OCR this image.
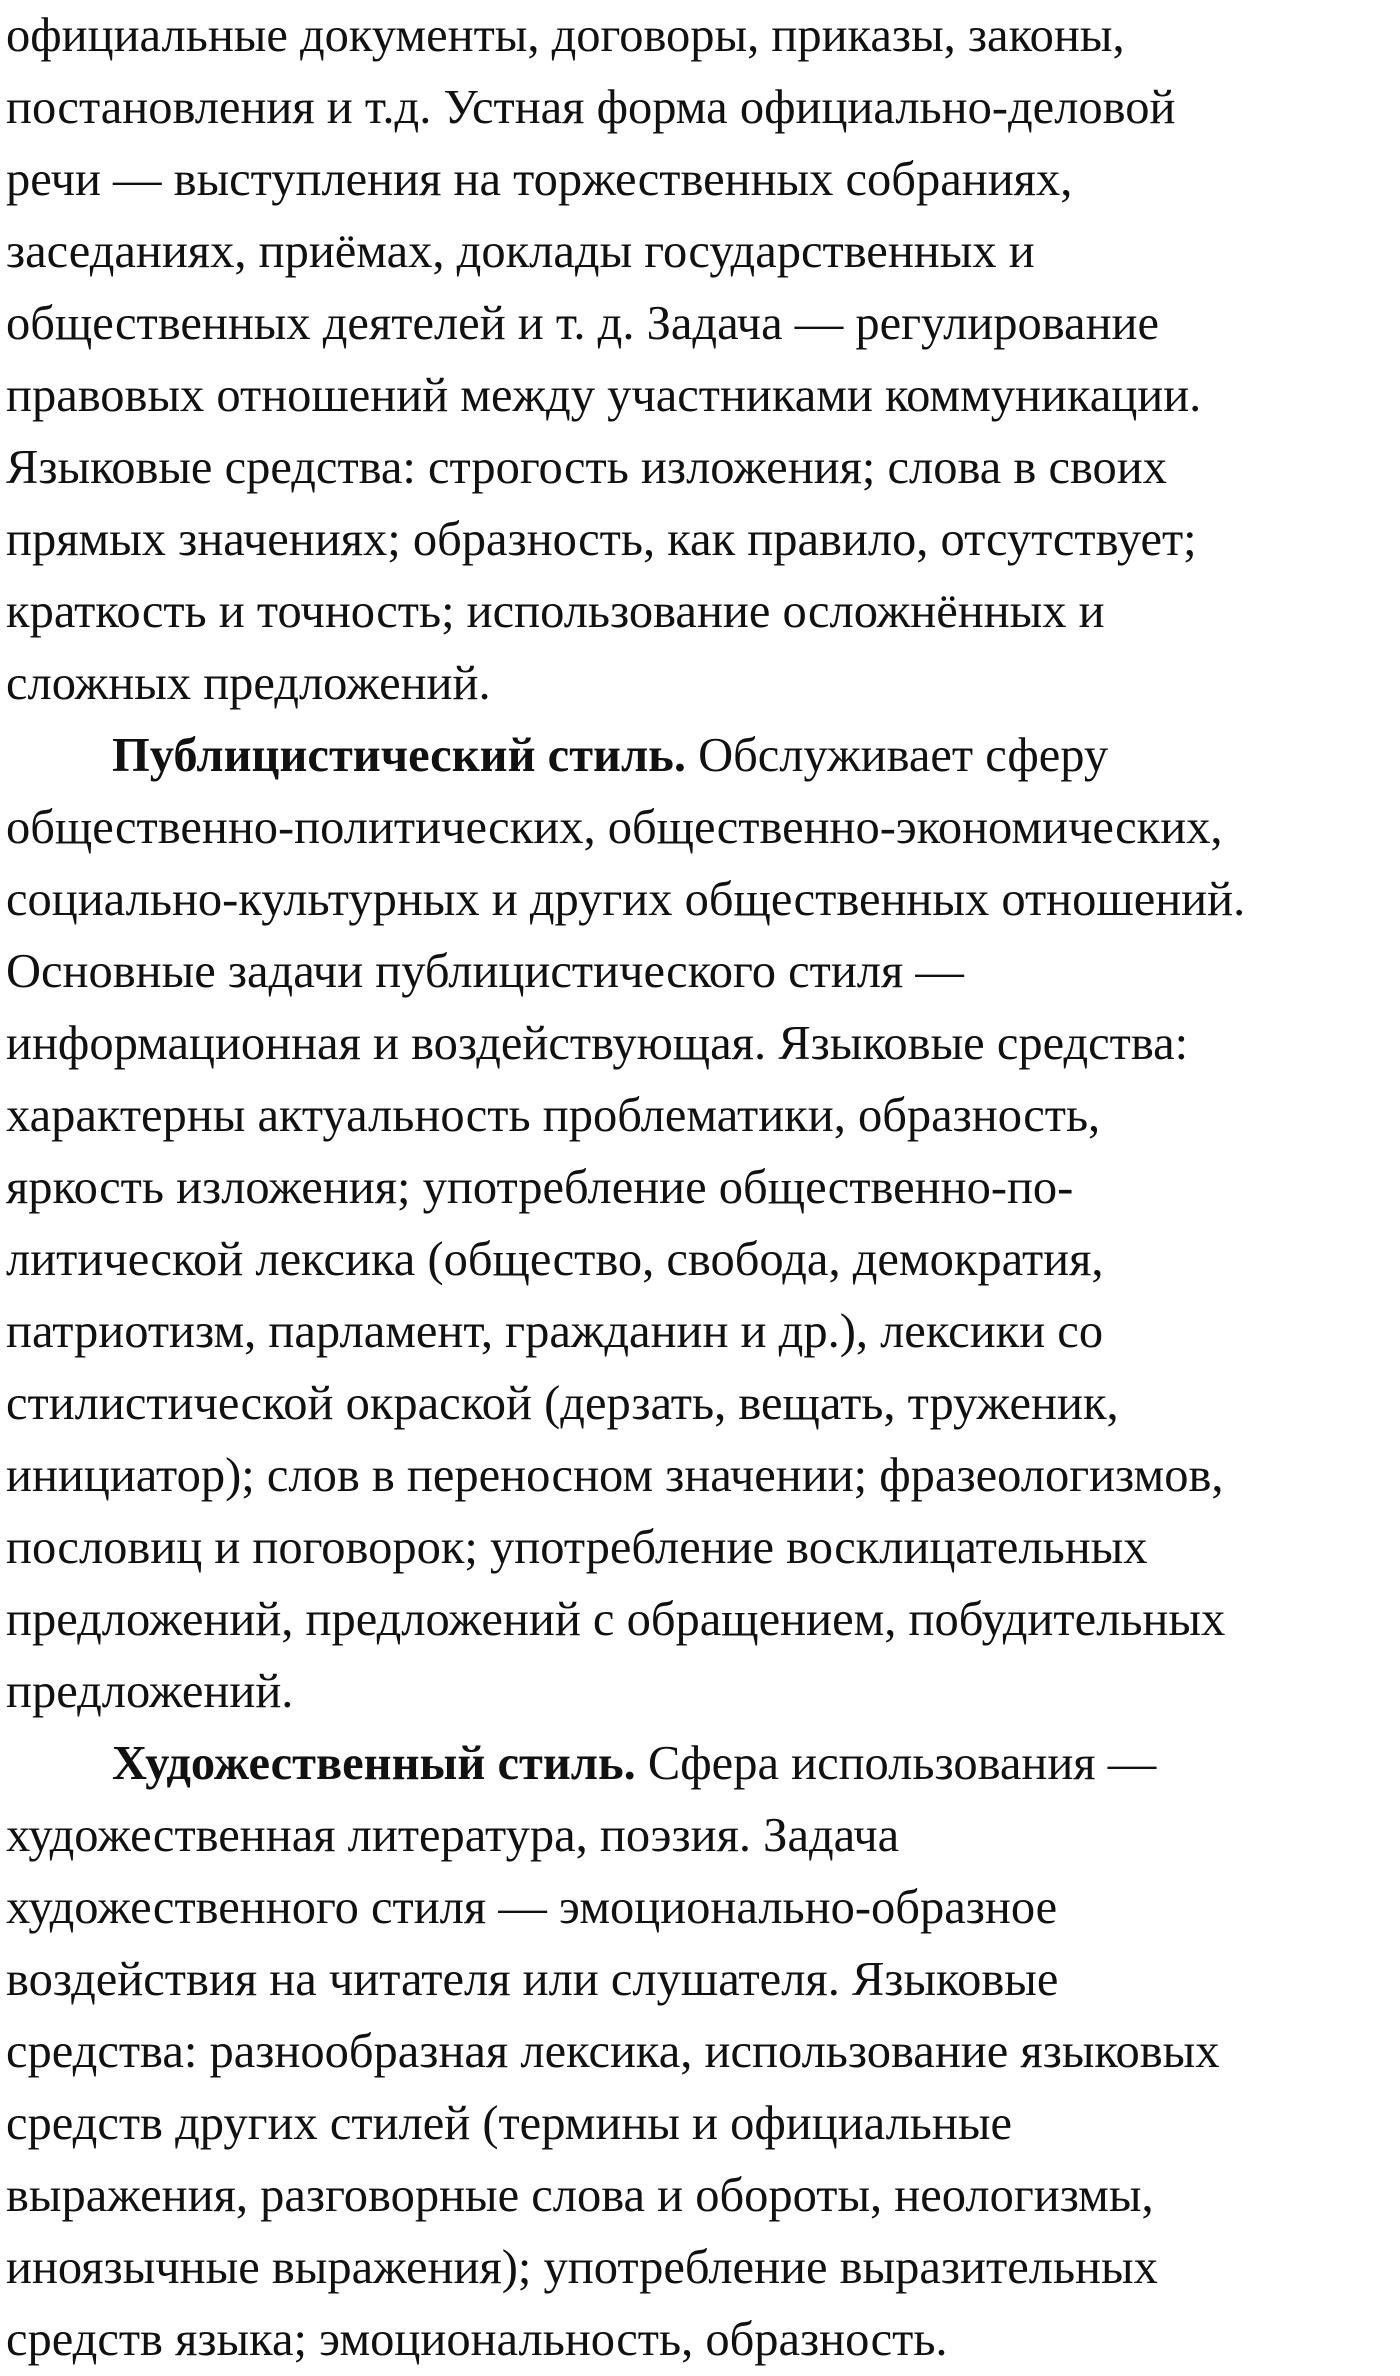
официальные документы, договоры, приказы, законы,
постановления и т.д. Устная форма официально-деловой
речи — выступления на торжественных собраниях,
заседаниях, приёмах, доклады государственных и
общественных деятелей и т. д. Задача — регулирование
правовых отношений между участниками коммуникации.
Языковые средства: строгость изложения; слова в своих
прямых значениях; образность, как правило, отсутствует;
краткость и точность; использование осложнённых и
сложных предложений.
Публицистический стиль. Обслуживает сферу
общественно-политических, общественно-экономических,
социально-культурных и других общественных отношений.
Основные задачи публицистического стиля —
информационная и воздействующая. Языковые средства:
характерны актуальность проблематики, образность,
яркость изложения; употребление общественно-по-
литической лексика (общество, свобода, демократия,
патриотизм, парламент, гражданин и др.), лексики со
стилистической окраской (дерзать, вещать, труженик,
инициатор); слов в переносном значении; фразеологизмов,
пословиц и поговорок; употребление восклицательных
предложений, предложений с обращением, побудительных
предложений.
Художественный стиль. Сфера использования —
художественная литература, поэзия. Задача
художественного стиля — эмоционально-образное
воздействия на читателя или слушателя. Языковые
средства: разнообразная лексика, использование языковых
средств других стилей (термины и официальные
выражения, разговорные слова и обороты, неологизмы,
иноязычные выражения); употребление выразительных
средств языка; эмоциональность, образность.
